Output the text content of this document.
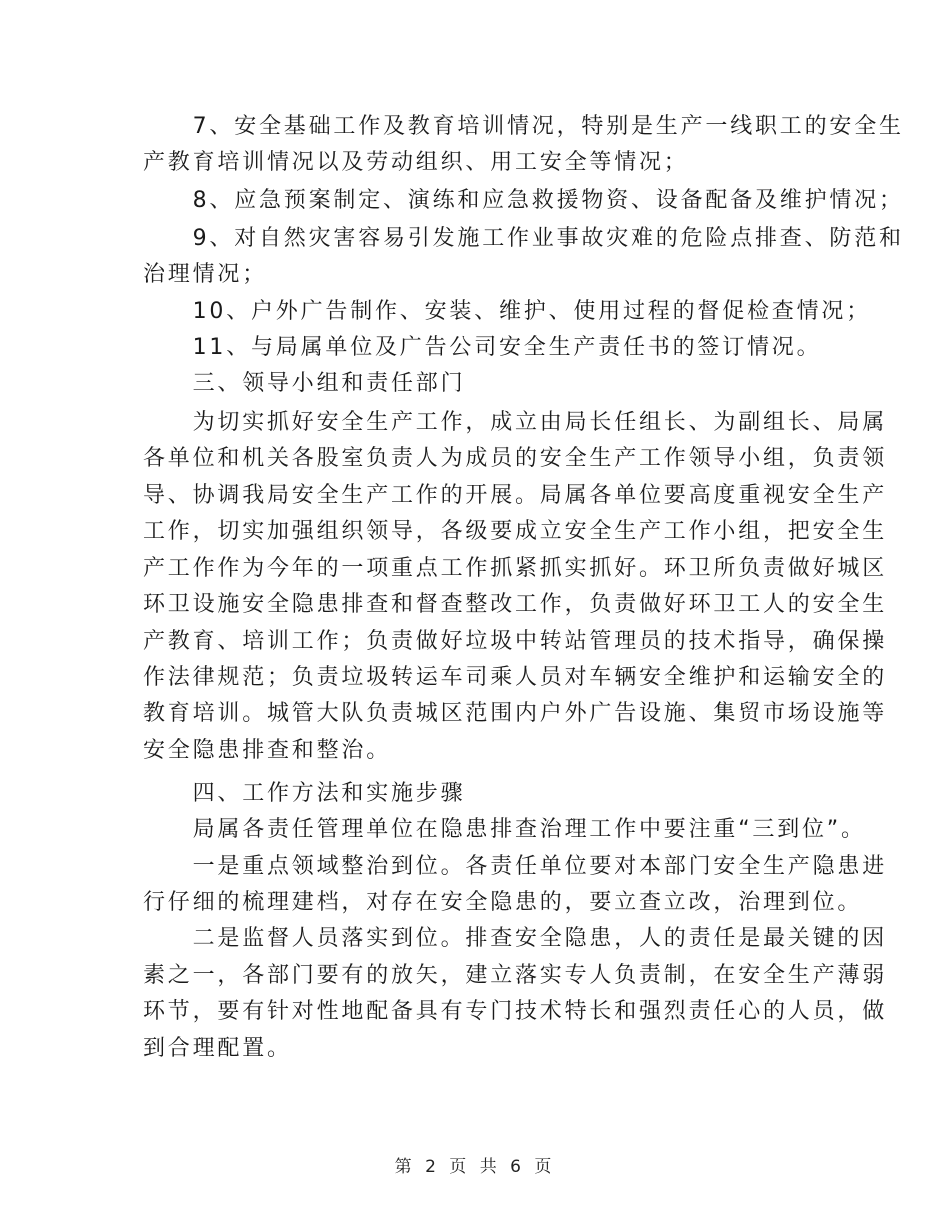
　　7、安全基础工作及教育培训情况，特别是生产一线职工的安全生
产教育培训情况以及劳动组织、用工安全等情况；
　　8、应急预案制定、演练和应急救援物资、设备配备及维护情况；
　　9、对自然灾害容易引发施工作业事故灾难的危险点排查、防范和
治理情况；
　　10、户外广告制作、安装、维护、使用过程的督促检查情况；
　　11、与局属单位及广告公司安全生产责任书的签订情况。
　　三、领导小组和责任部门
　　为切实抓好安全生产工作，成立由局长任组长、为副组长、局属
各单位和机关各股室负责人为成员的安全生产工作领导小组，负责领
导、协调我局安全生产工作的开展。局属各单位要高度重视安全生产
工作，切实加强组织领导，各级要成立安全生产工作小组，把安全生
产工作作为今年的一项重点工作抓紧抓实抓好。环卫所负责做好城区
环卫设施安全隐患排查和督查整改工作，负责做好环卫工人的安全生
产教育、培训工作；负责做好垃圾中转站管理员的技术指导，确保操
作法律规范；负责垃圾转运车司乘人员对车辆安全维护和运输安全的
教育培训。城管大队负责城区范围内户外广告设施、集贸市场设施等
安全隐患排查和整治。
　　四、工作方法和实施步骤
　　局属各责任管理单位在隐患排查治理工作中要注重“三到位”。
　　一是重点领域整治到位。各责任单位要对本部门安全生产隐患进
行仔细的梳理建档，对存在安全隐患的，要立查立改，治理到位。
　　二是监督人员落实到位。排查安全隐患，人的责任是最关键的因
素之一，各部门要有的放矢，建立落实专人负责制，在安全生产薄弱
环节，要有针对性地配备具有专门技术特长和强烈责任心的人员，做
到合理配置。
第 2 页 共 6 页
